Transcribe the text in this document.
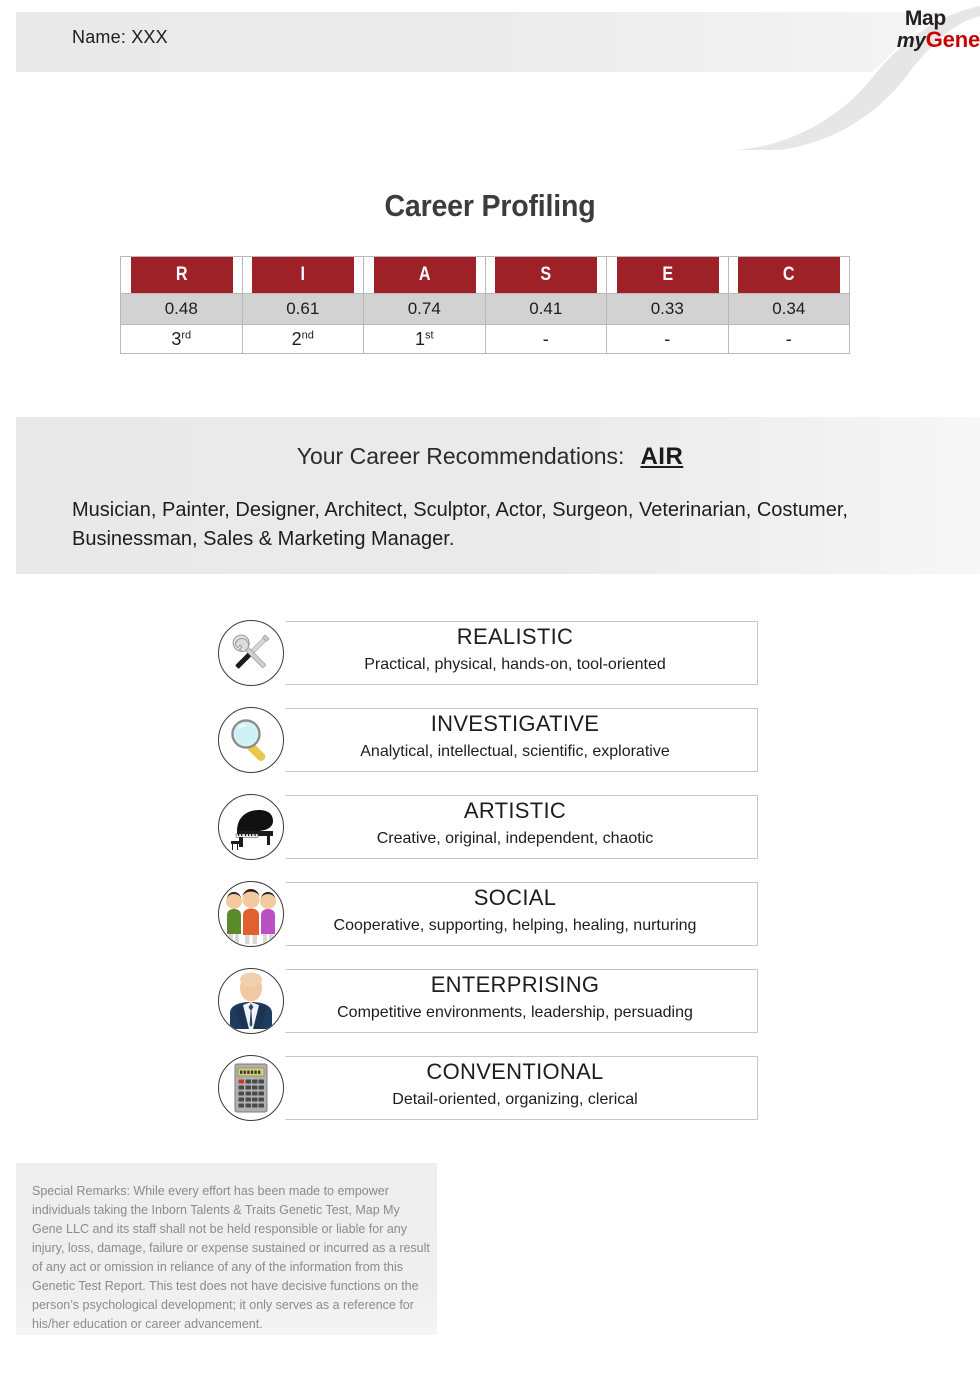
Name: XXX
Map
myGene
Career Profiling
R	I	A	S	E	C
0.48	0.61	0.74	0.41	0.33	0.34
3rd	2nd	1st	-	-	-
Your Career Recommendations: AIR
Musician, Painter, Designer, Architect, Sculptor, Actor, Surgeon, Veterinarian, Costumer, Businessman, Sales & Marketing Manager.
REALISTIC
Practical, physical, hands-on, tool-oriented
INVESTIGATIVE
Analytical, intellectual, scientific, explorative
ARTISTIC
Creative, original, independent, chaotic
SOCIAL
Cooperative, supporting, helping, healing, nurturing
ENTERPRISING
Competitive environments, leadership, persuading
CONVENTIONAL
Detail-oriented, organizing, clerical
Special Remarks: While every effort has been made to empower individuals taking the Inborn Talents & Traits Genetic Test, Map My Gene LLC and its staff shall not be held responsible or liable for any injury, loss, damage, failure or expense sustained or incurred as a result of any act or omission in reliance of any of the information from this Genetic Test Report. This test does not have decisive functions on the person’s psychological development; it only serves as a reference for his/her education or career advancement.
